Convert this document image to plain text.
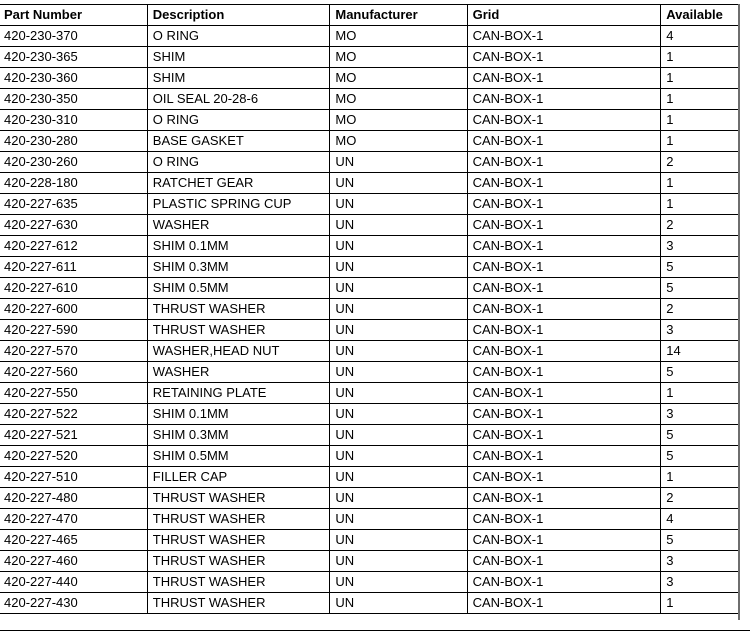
Part Number	Description	Manufacturer	Grid	Available
420-230-370	O RING	MO	CAN-BOX-1	4
420-230-365	SHIM	MO	CAN-BOX-1	1
420-230-360	SHIM	MO	CAN-BOX-1	1
420-230-350	OIL SEAL 20-28-6	MO	CAN-BOX-1	1
420-230-310	O RING	MO	CAN-BOX-1	1
420-230-280	BASE GASKET	MO	CAN-BOX-1	1
420-230-260	O RING	UN	CAN-BOX-1	2
420-228-180	RATCHET GEAR	UN	CAN-BOX-1	1
420-227-635	PLASTIC SPRING CUP	UN	CAN-BOX-1	1
420-227-630	WASHER	UN	CAN-BOX-1	2
420-227-612	SHIM 0.1MM	UN	CAN-BOX-1	3
420-227-611	SHIM 0.3MM	UN	CAN-BOX-1	5
420-227-610	SHIM 0.5MM	UN	CAN-BOX-1	5
420-227-600	THRUST WASHER	UN	CAN-BOX-1	2
420-227-590	THRUST WASHER	UN	CAN-BOX-1	3
420-227-570	WASHER,HEAD NUT	UN	CAN-BOX-1	14
420-227-560	WASHER	UN	CAN-BOX-1	5
420-227-550	RETAINING PLATE	UN	CAN-BOX-1	1
420-227-522	SHIM 0.1MM	UN	CAN-BOX-1	3
420-227-521	SHIM 0.3MM	UN	CAN-BOX-1	5
420-227-520	SHIM 0.5MM	UN	CAN-BOX-1	5
420-227-510	FILLER CAP	UN	CAN-BOX-1	1
420-227-480	THRUST WASHER	UN	CAN-BOX-1	2
420-227-470	THRUST WASHER	UN	CAN-BOX-1	4
420-227-465	THRUST WASHER	UN	CAN-BOX-1	5
420-227-460	THRUST WASHER	UN	CAN-BOX-1	3
420-227-440	THRUST WASHER	UN	CAN-BOX-1	3
420-227-430	THRUST WASHER	UN	CAN-BOX-1	1
